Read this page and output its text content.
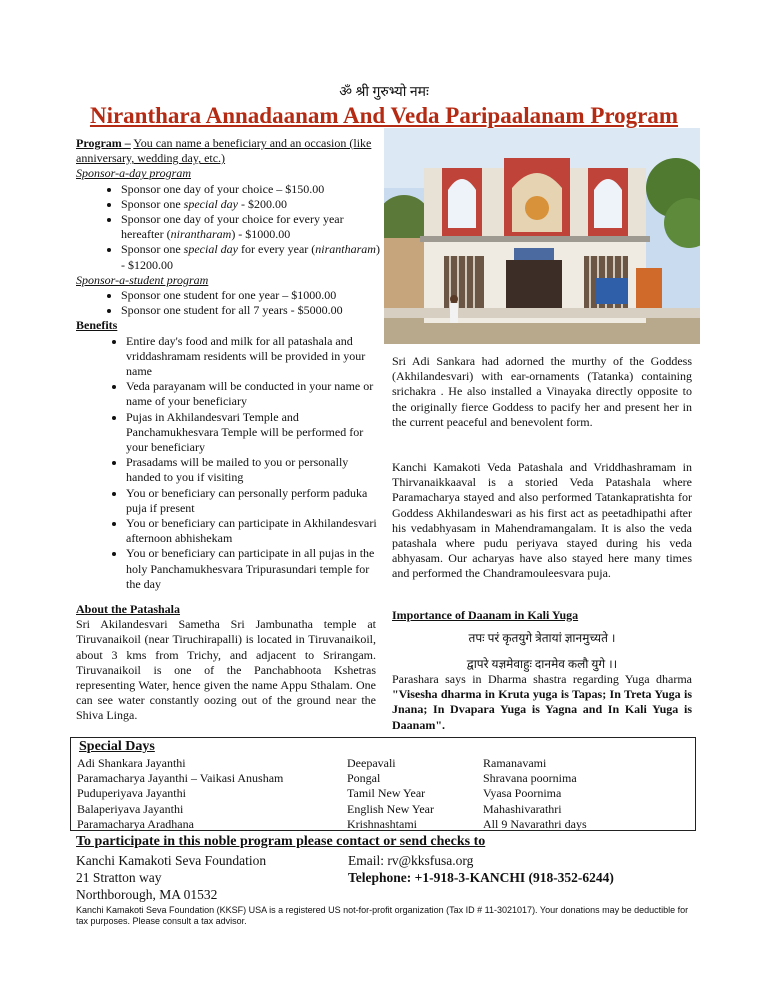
ॐ श्री गुरुभ्यो नमः
Niranthara Annadaanam And Veda Paripaalanam Program

Program – You can name a beneficiary and an occasion (like anniversary, wedding day, etc.)

Sponsor-a-day program

• Sponsor one day of your choice – $150.00
• Sponsor one special day - $200.00
• Sponsor one day of your choice for every year hereafter (nirantharam) - $1000.00
• Sponsor one special day for every year (nirantharam) - $1200.00

Sponsor-a-student program

• Sponsor one student for one year – $1000.00
• Sponsor one student for all 7 years - $5000.00

Benefits

• Entire day's food and milk for all patashala and vriddashramam residents will be provided in your name
• Veda parayanam will be conducted in your name or name of your beneficiary
• Pujas in Akhilandesvari Temple and Panchamukhesvara Temple will be performed for your beneficiary
• Prasadams will be mailed to you or personally handed to you if visiting
• You or beneficiary can personally perform paduka puja if present
• You or beneficiary can participate in Akhilandesvari afternoon abhishekam
• You or beneficiary can participate in all pujas in the holy Panchamukhesvara Tripurasundari temple for the day

Sri Adi Sankara had adorned the murthy of the Goddess (Akhilandesvari) with ear-ornaments (Tatanka) containing srichakra . He also installed a Vinayaka directly opposite to the originally fierce Goddess to pacify her and present her in the current peaceful and benevolent form.

Kanchi Kamakoti Veda Patashala and Vriddhashramam in Thirvanaikkaaval is a storied Veda Patashala where Paramacharya stayed and also performed Tatankapratishta for Goddess Akhilandeswari as his first act as peetadhipathi after his vedabhyasam in Mahendramangalam. It is also the veda patashala where pudu periyava stayed during his veda abhyasam. Our acharyas have also stayed here many times and performed the Chandramouleesvara puja.

Importance of Daanam in Kali Yuga

तपः परं कृतयुगे त्रेतायां ज्ञानमुच्यते ।
द्वापरे यज्ञमेवाहुः दानमेव कलौ युगे ।।

Parashara says in Dharma shastra regarding Yuga dharma "Visesha dharma in Kruta yuga is Tapas; In Treta Yuga is Jnana; In Dvapara Yuga is Yagna and In Kali Yuga is Daanam".

About the Patashala

Sri Akilandesvari Sametha Sri Jambunatha temple at Tiruvanaikoil (near Tiruchirapalli) is located in Tiruvanaikoil, about 3 kms from Trichy, and adjacent to Srirangam. Tiruvanaikoil is one of the Panchabhoota Kshetras representing Water, hence given the name Appu Sthalam. One can see water constantly oozing out of the ground near the Shiva Linga.

Special Days
Adi Shankara Jayanthi
Paramacharya Jayanthi – Vaikasi Anusham
Puduperiyava Jayanthi
Balaperiyava Jayanthi
Paramacharya Aradhana
Deepavali
Pongal
Tamil New Year
English New Year
Krishnashtami
Ramanavami
Shravana poornima
Vyasa Poornima
Mahashivarathri
All 9 Navarathri days
To participate in this noble program please contact or send checks to
Kanchi Kamakoti Seva Foundation
21 Stratton way
Northborough, MA 01532
Email: rv@kksfusa.org
Telephone: +1-918-3-KANCHI (918-352-6244)
Kanchi Kamakoti Seva Foundation (KKSF) USA is a registered US not-for-profit organization (Tax ID # 11-3021017). Your donations may be deductible for tax purposes. Please consult a tax advisor.
